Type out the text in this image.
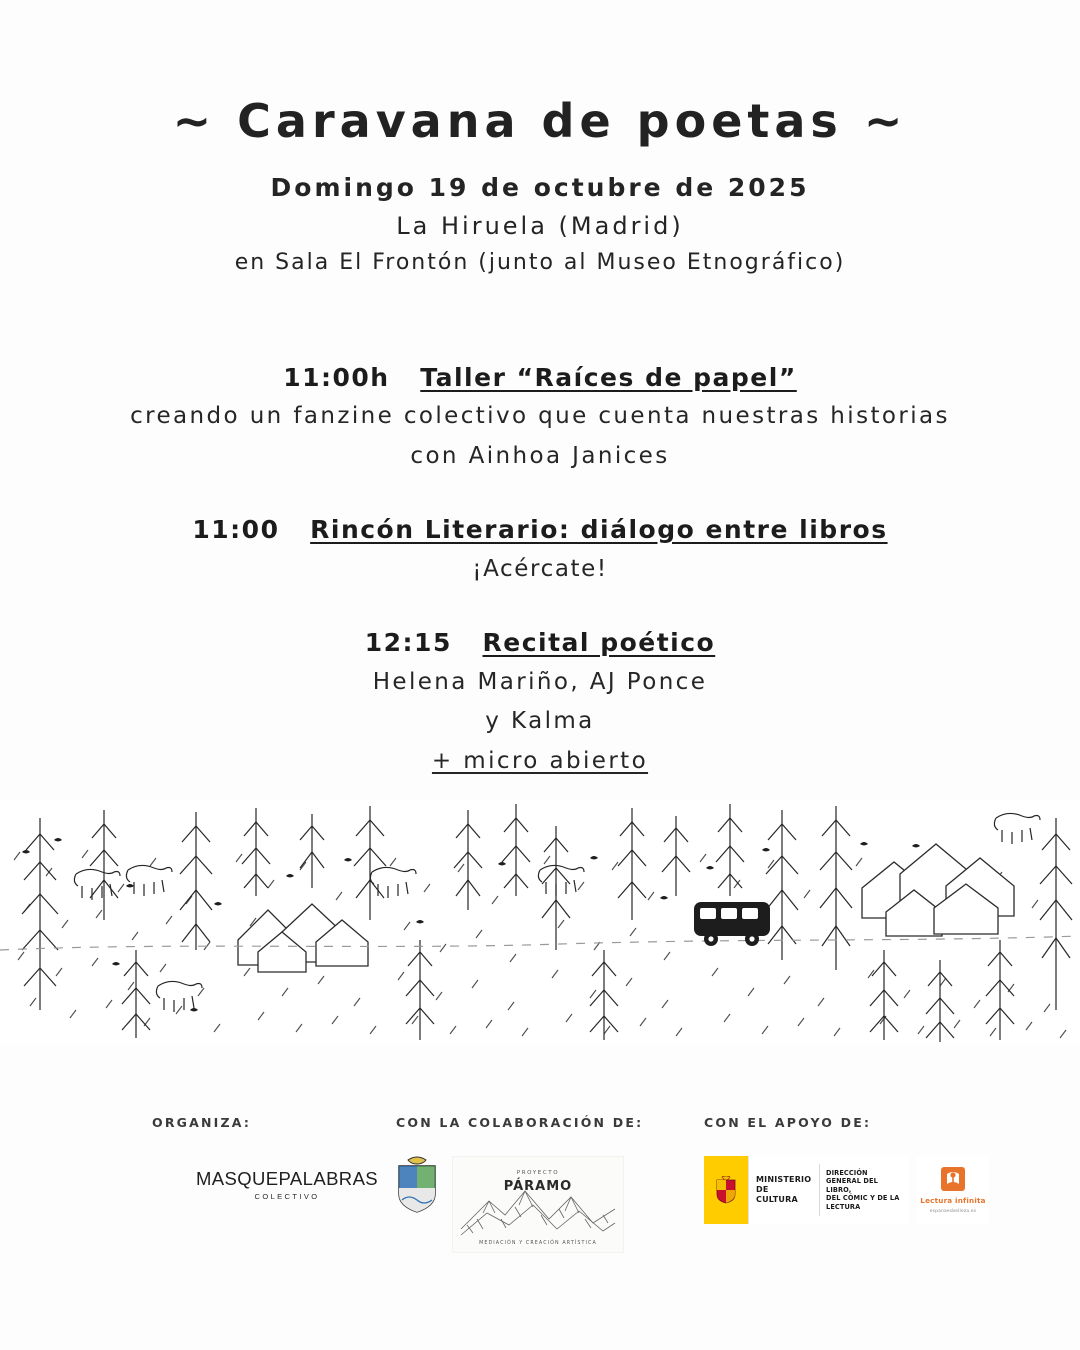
~ Caravana de poetas ~
Domingo 19 de octubre de 2025
La Hiruela (Madrid)
en Sala El Frontón (junto al Museo Etnográfico)
11:00h Taller “Raíces de papel”
creando un fanzine colectivo que cuenta nuestras historias
con Ainhoa Janices
11:00 Rincón Literario: diálogo entre libros
¡Acércate!
12:15 Recital poético
Helena Mariño, AJ Ponce
y Kalma
+ micro abierto
ORGANIZA:
MASQUEPALABRAS
COLECTIVO
CON LA COLABORACIÓN DE:
PROYECTO
PÁRAMO
MEDIACIÓN Y CREACIÓN ARTÍSTICA
CON EL APOYO DE:
MINISTERIO
DE CULTURA
DIRECCIÓN GENERAL DEL LIBRO,
DEL CÓMIC Y DE LA LECTURA
Lectura infinita
espanaesbelleza.es
